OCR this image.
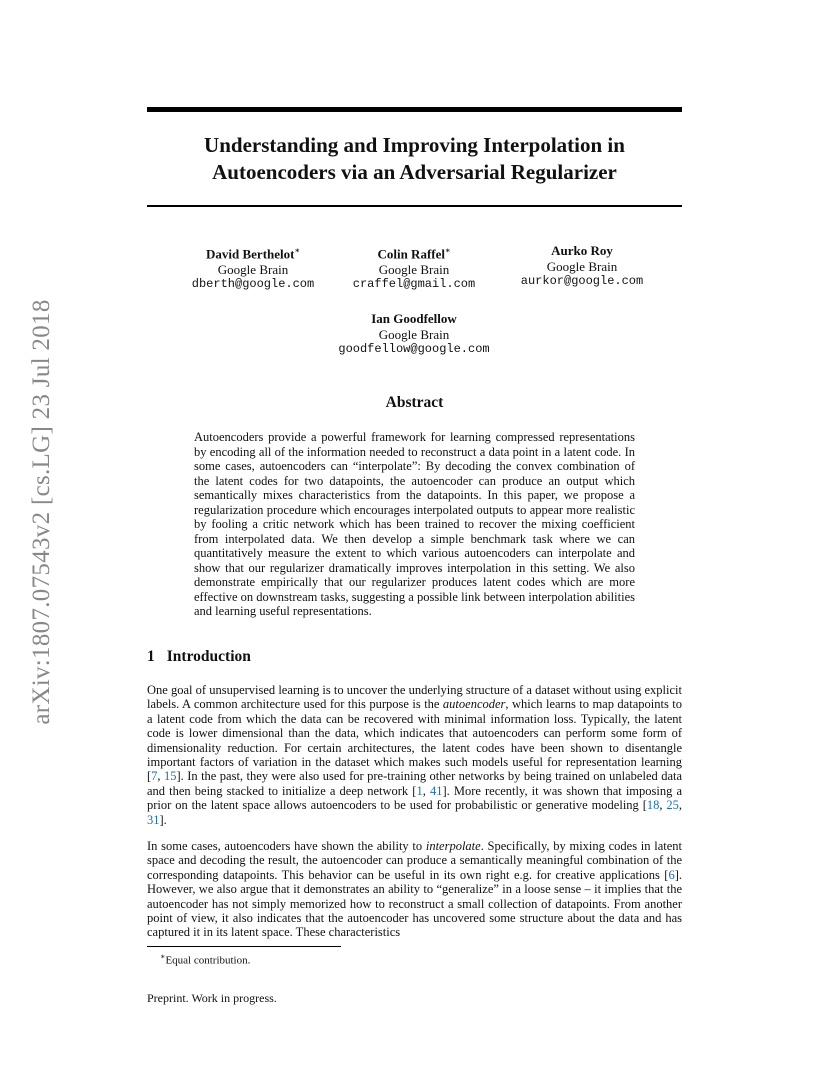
arXiv:1807.07543v2 [cs.LG] 23 Jul 2018
Understanding and Improving Interpolation in
Autoencoders via an Adversarial Regularizer
David Berthelot∗
Google Brain
dberth@google.com
Colin Raffel∗
Google Brain
craffel@gmail.com
Aurko Roy
Google Brain
aurkor@google.com
Ian Goodfellow
Google Brain
goodfellow@google.com
Abstract
Autoencoders provide a powerful framework for learning compressed representations by encoding all of the information needed to reconstruct a data point in a latent code. In some cases, autoencoders can “interpolate”: By decoding the convex combination of the latent codes for two datapoints, the autoencoder can produce an output which semantically mixes characteristics from the datapoints. In this paper, we propose a regularization procedure which encourages interpolated outputs to appear more realistic by fooling a critic network which has been trained to recover the mixing coefficient from interpolated data. We then develop a simple benchmark task where we can quantitatively measure the extent to which various autoencoders can interpolate and show that our regularizer dramatically improves interpolation in this setting. We also demonstrate empirically that our regularizer produces latent codes which are more effective on downstream tasks, suggesting a possible link between interpolation abilities and learning useful representations.
1 Introduction
One goal of unsupervised learning is to uncover the underlying structure of a dataset without using explicit labels. A common architecture used for this purpose is the autoencoder, which learns to map datapoints to a latent code from which the data can be recovered with minimal information loss. Typically, the latent code is lower dimensional than the data, which indicates that autoencoders can perform some form of dimensionality reduction. For certain architectures, the latent codes have been shown to disentangle important factors of variation in the dataset which makes such models useful for representation learning [7, 15]. In the past, they were also used for pre-training other networks by being trained on unlabeled data and then being stacked to initialize a deep network [1, 41]. More recently, it was shown that imposing a prior on the latent space allows autoencoders to be used for probabilistic or generative modeling [18, 25, 31].
In some cases, autoencoders have shown the ability to interpolate. Specifically, by mixing codes in latent space and decoding the result, the autoencoder can produce a semantically meaningful combination of the corresponding datapoints. This behavior can be useful in its own right e.g. for creative applications [6]. However, we also argue that it demonstrates an ability to “generalize” in a loose sense – it implies that the autoencoder has not simply memorized how to reconstruct a small collection of datapoints. From another point of view, it also indicates that the autoencoder has uncovered some structure about the data and has captured it in its latent space. These characteristics
∗Equal contribution.
Preprint. Work in progress.
